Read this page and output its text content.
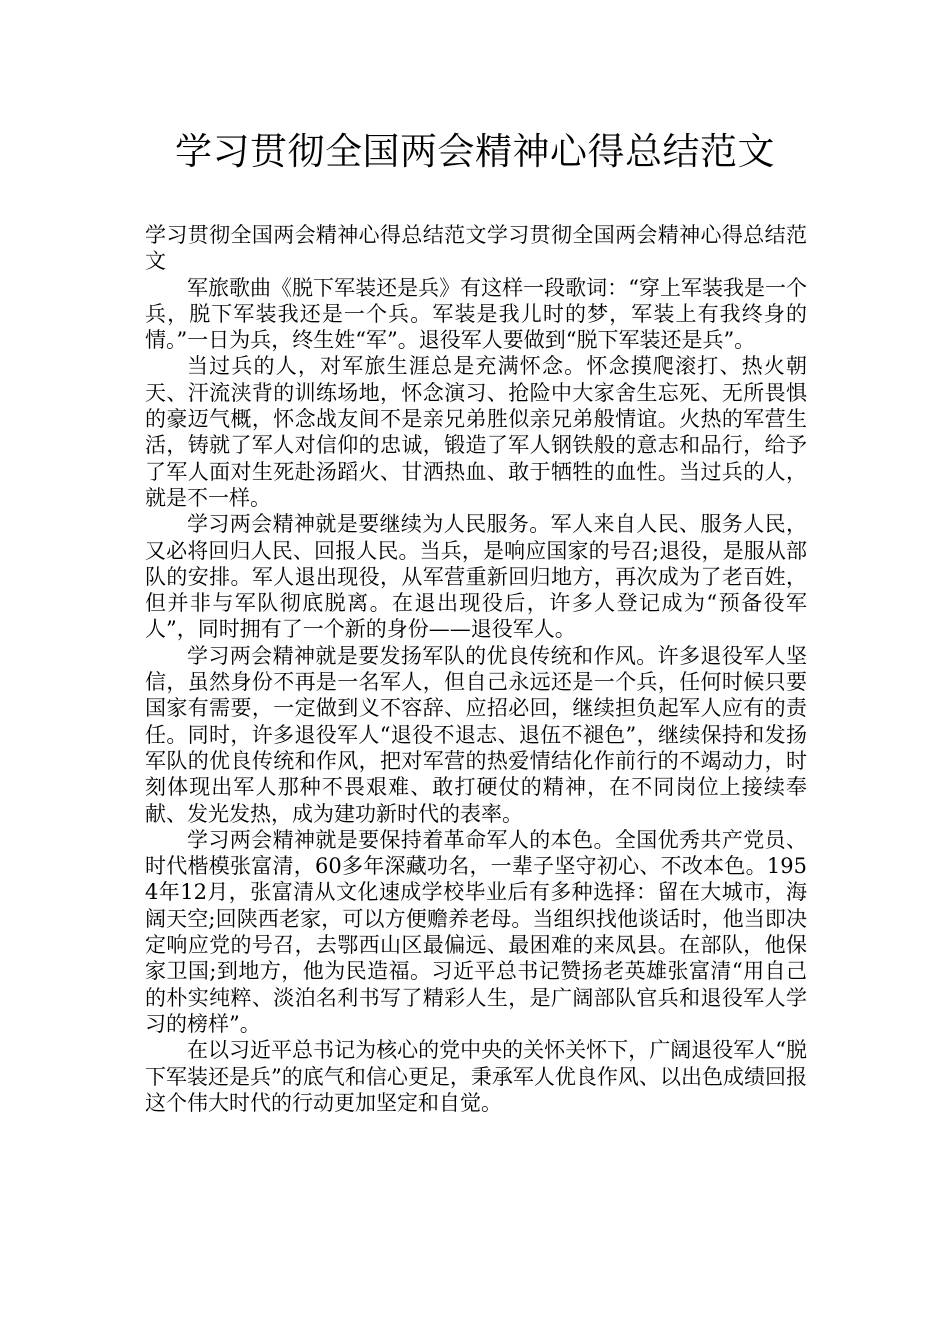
学习贯彻全国两会精神心得总结范文

学习贯彻全国两会精神心得总结范文学习贯彻全国两会精神心得总结范文

军旅歌曲《脱下军装还是兵》有这样一段歌词：“穿上军装我是一个兵，脱下军装我还是一个兵。军装是我儿时的梦，军装上有我终身的情。”一日为兵，终生姓“军”。退役军人要做到“脱下军装还是兵”。

当过兵的人，对军旅生涯总是充满怀念。怀念摸爬滚打、热火朝天、汗流浃背的训练场地，怀念演习、抢险中大家舍生忘死、无所畏惧的豪迈气概，怀念战友间不是亲兄弟胜似亲兄弟般情谊。火热的军营生活，铸就了军人对信仰的忠诚，锻造了军人钢铁般的意志和品行，给予了军人面对生死赴汤蹈火、甘洒热血、敢于牺牲的血性。当过兵的人，就是不一样。

学习两会精神就是要继续为人民服务。军人来自人民、服务人民，又必将回归人民、回报人民。当兵，是响应国家的号召;退役，是服从部队的安排。军人退出现役，从军营重新回归地方，再次成为了老百姓，但并非与军队彻底脱离。在退出现役后，许多人登记成为“预备役军人”，同时拥有了一个新的身份——退役军人。

学习两会精神就是要发扬军队的优良传统和作风。许多退役军人坚信，虽然身份不再是一名军人，但自己永远还是一个兵，任何时候只要国家有需要，一定做到义不容辞、应招必回，继续担负起军人应有的责任。同时，许多退役军人“退役不退志、退伍不褪色”，继续保持和发扬军队的优良传统和作风，把对军营的热爱情结化作前行的不竭动力，时刻体现出军人那种不畏艰难、敢打硬仗的精神，在不同岗位上接续奉献、发光发热，成为建功新时代的表率。

学习两会精神就是要保持着革命军人的本色。全国优秀共产党员、时代楷模张富清，60多年深藏功名，一辈子坚守初心、不改本色。1954年12月，张富清从文化速成学校毕业后有多种选择：留在大城市，海阔天空;回陕西老家，可以方便赡养老母。当组织找他谈话时，他当即决定响应党的号召，去鄂西山区最偏远、最困难的来凤县。在部队，他保家卫国;到地方，他为民造福。习近平总书记赞扬老英雄张富清“用自己的朴实纯粹、淡泊名利书写了精彩人生，是广阔部队官兵和退役军人学习的榜样”。

在以习近平总书记为核心的党中央的关怀关怀下，广阔退役军人“脱下军装还是兵”的底气和信心更足，秉承军人优良作风、以出色成绩回报这个伟大时代的行动更加坚定和自觉。
